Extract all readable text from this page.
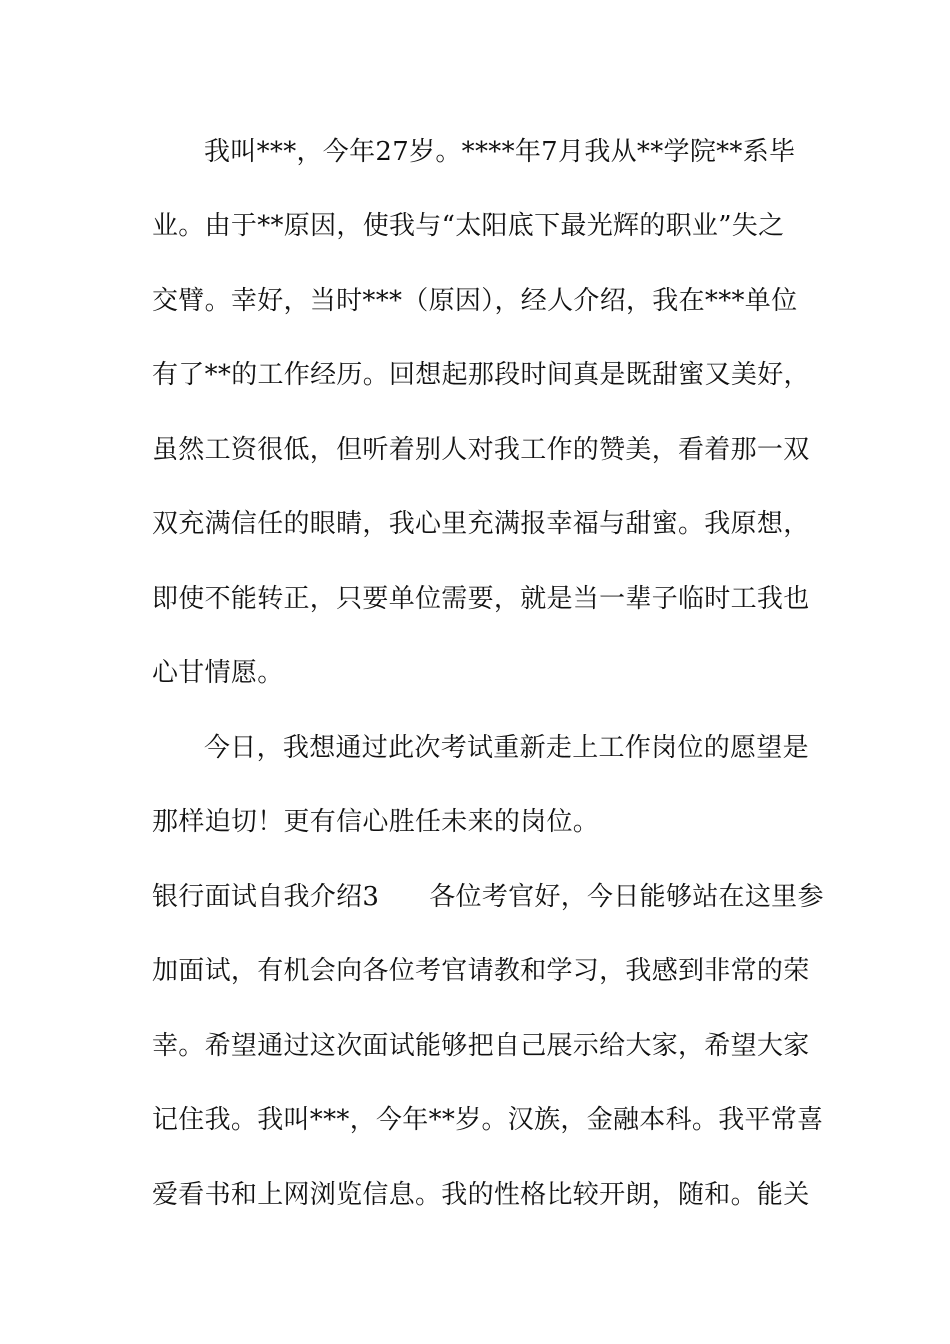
我叫***，今年27岁。****年7月我从**学院**系毕
业。由于**原因，使我与“太阳底下最光辉的职业”失之
交臂。幸好，当时***（原因），经人介绍，我在***单位
有了**的工作经历。回想起那段时间真是既甜蜜又美好，
虽然工资很低，但听着别人对我工作的赞美，看着那一双
双充满信任的眼睛，我心里充满报幸福与甜蜜。我原想，
即使不能转正，只要单位需要，就是当一辈子临时工我也
心甘情愿。
今日，我想通过此次考试重新走上工作岗位的愿望是
那样迫切！更有信心胜任未来的岗位。
银行面试自我介绍3 各位考官好，今日能够站在这里参
加面试，有机会向各位考官请教和学习，我感到非常的荣
幸。希望通过这次面试能够把自己展示给大家，希望大家
记住我。我叫***，今年**岁。汉族，金融本科。我平常喜
爱看书和上网浏览信息。我的性格比较开朗，随和。能关
